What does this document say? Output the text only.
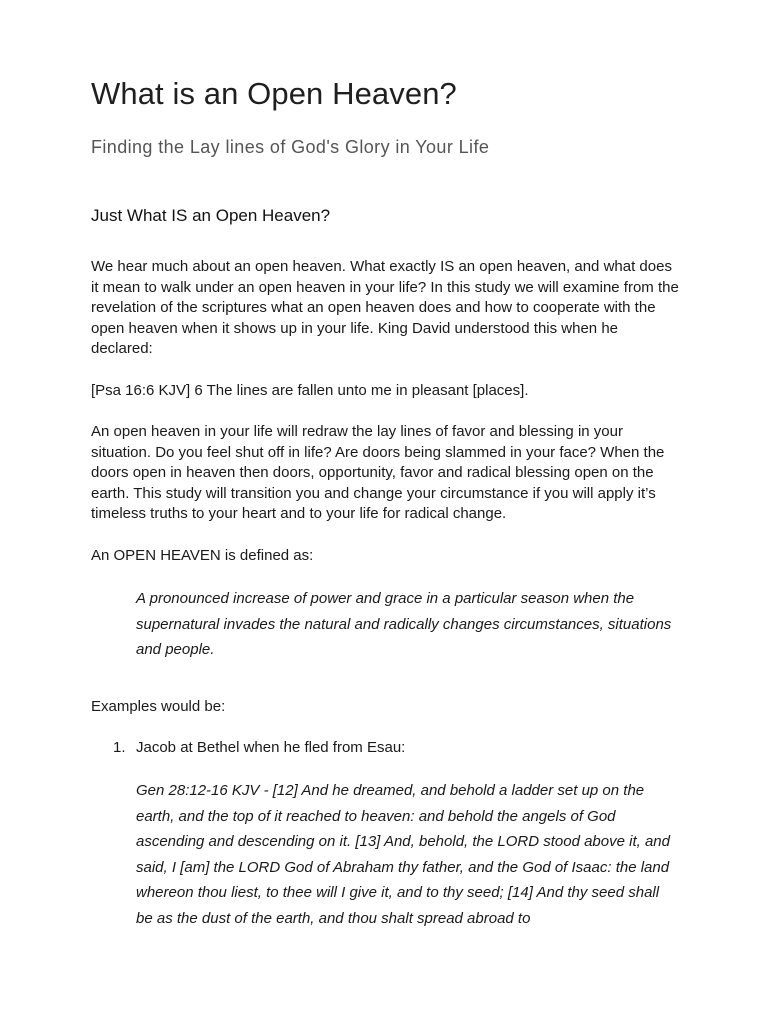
What is an Open Heaven?
Finding the Lay lines of God's Glory in Your Life
Just What IS an Open Heaven?

We hear much about an open heaven. What exactly IS an open heaven, and what does it mean to walk under an open heaven in your life? In this study we will examine from the revelation of the scriptures what an open heaven does and how to cooperate with the open heaven when it shows up in your life. King David understood this when he declared:

[Psa 16:6 KJV] 6 The lines are fallen unto me in pleasant [places].

An open heaven in your life will redraw the lay lines of favor and blessing in your situation. Do you feel shut off in life? Are doors being slammed in your face? When the doors open in heaven then doors, opportunity, favor and radical blessing open on the earth. This study will transition you and change your circumstance if you will apply it’s timeless truths to your heart and to your life for radical change.

An OPEN HEAVEN is defined as:

A pronounced increase of power and grace in a particular season when the supernatural invades the natural and radically changes circumstances, situations and people.

Examples would be:

1. Jacob at Bethel when he fled from Esau:

Gen 28:12-16 KJV - [12] And he dreamed, and behold a ladder set up on the earth, and the top of it reached to heaven: and behold the angels of God ascending and descending on it. [13] And, behold, the LORD stood above it, and said, I [am] the LORD God of Abraham thy father, and the God of Isaac: the land whereon thou liest, to thee will I give it, and to thy seed; [14] And thy seed shall be as the dust of the earth, and thou shalt spread abroad to
